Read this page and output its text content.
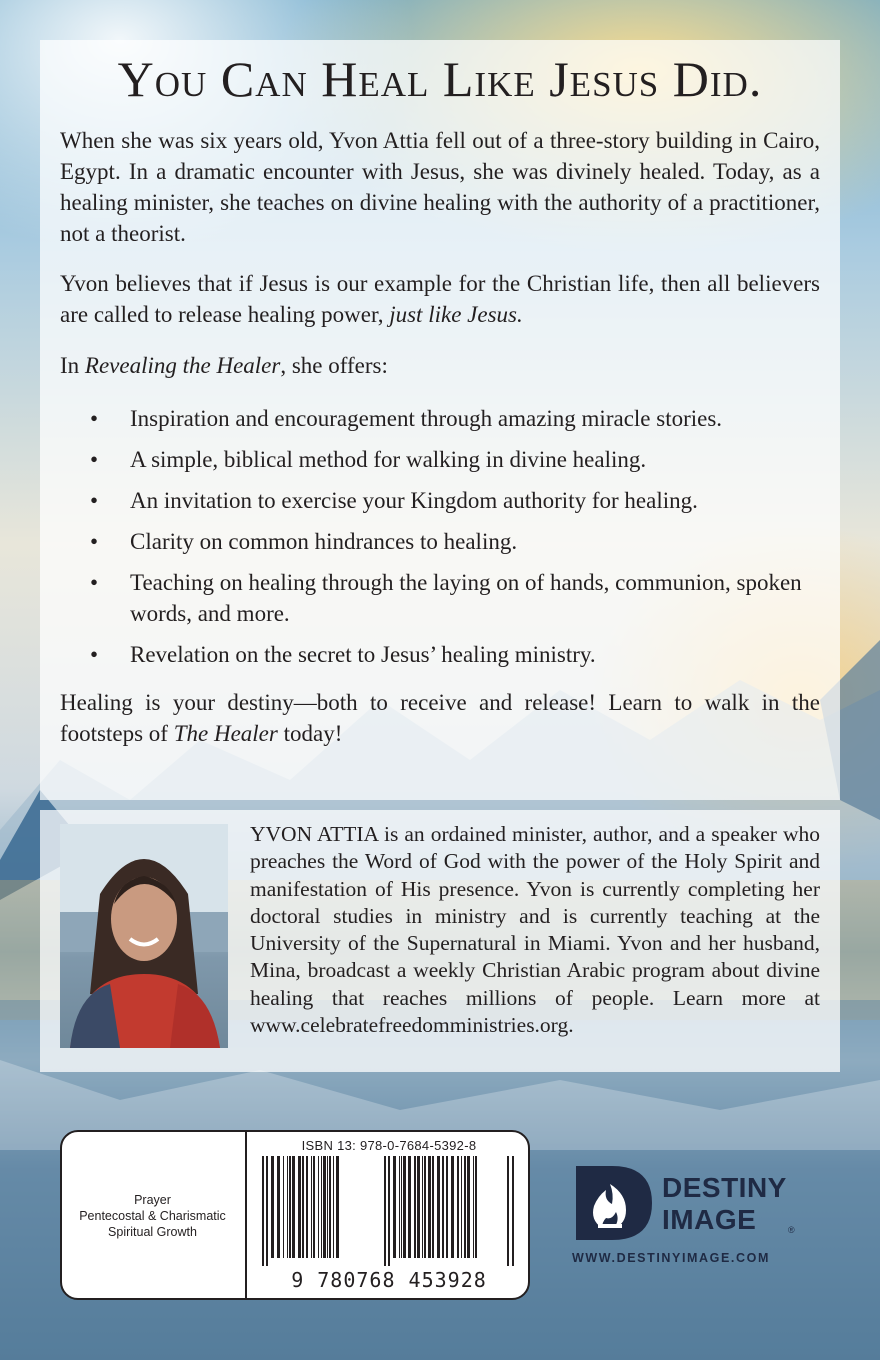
You Can Heal Like Jesus Did.

When she was six years old, Yvon Attia fell out of a three-story building in Cairo, Egypt. In a dramatic encounter with Jesus, she was divinely healed. Today, as a healing minister, she teaches on divine healing with the authority of a practitioner, not a theorist.

Yvon believes that if Jesus is our example for the Christian life, then all believers are called to release healing power, just like Jesus.

In Revealing the Healer, she offers:

• Inspiration and encouragement through amazing miracle stories.
• A simple, biblical method for walking in divine healing.
• An invitation to exercise your Kingdom authority for healing.
• Clarity on common hindrances to healing.
• Teaching on healing through the laying on of hands, communion, spoken words, and more.
• Revelation on the secret to Jesus’ healing ministry.

Healing is your destiny—both to receive and release! Learn to walk in the footsteps of The Healer today!

YVON ATTIA is an ordained minister, author, and a speaker who preaches the Word of God with the power of the Holy Spirit and manifestation of His presence. Yvon is currently completing her doctoral studies in ministry and is currently teaching at the University of the Supernatural in Miami. Yvon and her husband, Mina, broadcast a weekly Christian Arabic program about divine healing that reaches millions of people. Learn more at www.celebratefreedomministries.org.

Prayer
Pentecostal & Charismatic
Spiritual Growth
ISBN 13: 978-0-7684-5392-8
9 780768 453928
DESTINY
IMAGE	®
WWW.DESTINYIMAGE.COM
